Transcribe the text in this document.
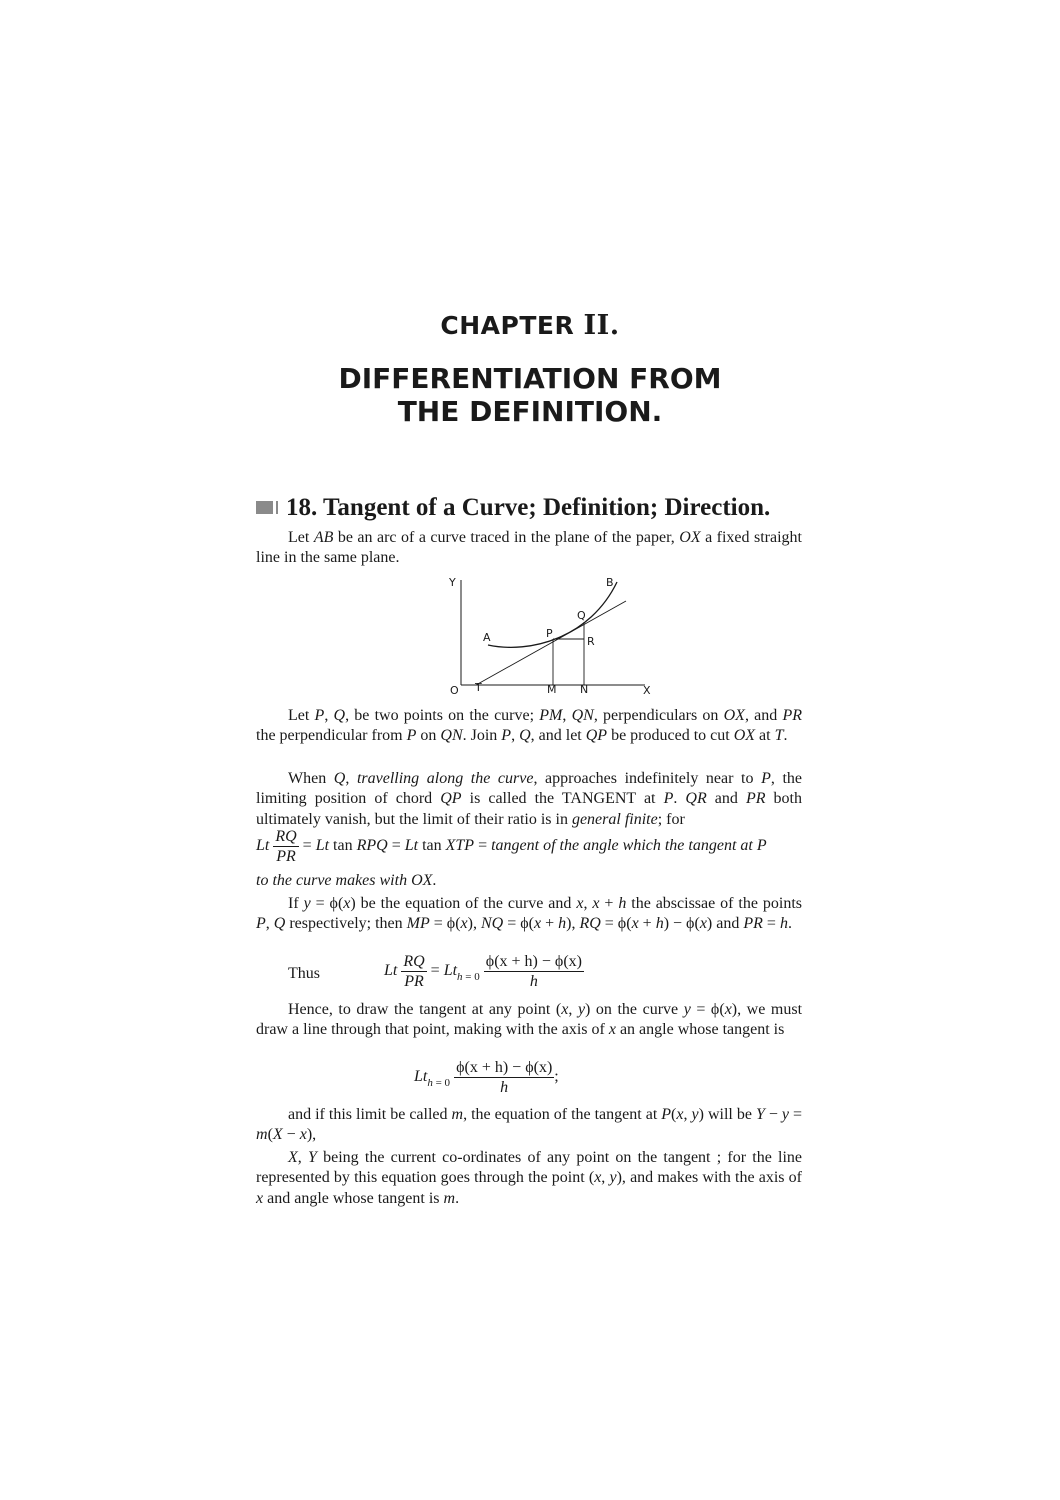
CHAPTER II.
DIFFERENTIATION FROM
THE DEFINITION.
18. Tangent of a Curve; Definition; Direction.

Let AB be an arc of a curve traced in the plane of the paper, OX a fixed straight line in the same plane.

Y	B
Q
A	P
R
O T	M N	X

Let P, Q, be two points on the curve; PM, QN, perpendiculars on OX, and PR the perpendicular from P on QN. Join P, Q, and let QP be produced to cut OX at T.

When Q, travelling along the curve, approaches indefinitely near to P, the limiting position of chord QP is called the TANGENT at P. QR and PR both ultimately vanish, but the limit of their ratio is in general finite; for

Lt $\frac{RQ}{PR} = Lt$ tan RPQ = Lt tan XTP = tangent of the angle which the tangent at P

to the curve makes with OX.

If y = ϕ(x) be the equation of the curve and x, x + h the abscissae of the points P, Q respectively; then MP = ϕ(x), NQ = ϕ(x + h), RQ = ϕ(x + h) − ϕ(x) and PR = h.

Thus	Lt $\frac{RQ}{PR} = Lt_{h = 0} \frac{\phi(x + h) - \phi(x)}{h}$

Hence, to draw the tangent at any point (x, y) on the curve y = ϕ(x), we must draw a line through that point, making with the axis of x an angle whose tangent is

$Lt_{h = 0} \frac{\phi(x + h) - \phi(x)}{h}$ ;

and if this limit be called m, the equation of the tangent at P(x, y) will be Y − y = m(X − x),

X, Y being the current co-ordinates of any point on the tangent ; for the line represented by this equation goes through the point (x, y), and makes with the axis of x and angle whose tangent is m.
